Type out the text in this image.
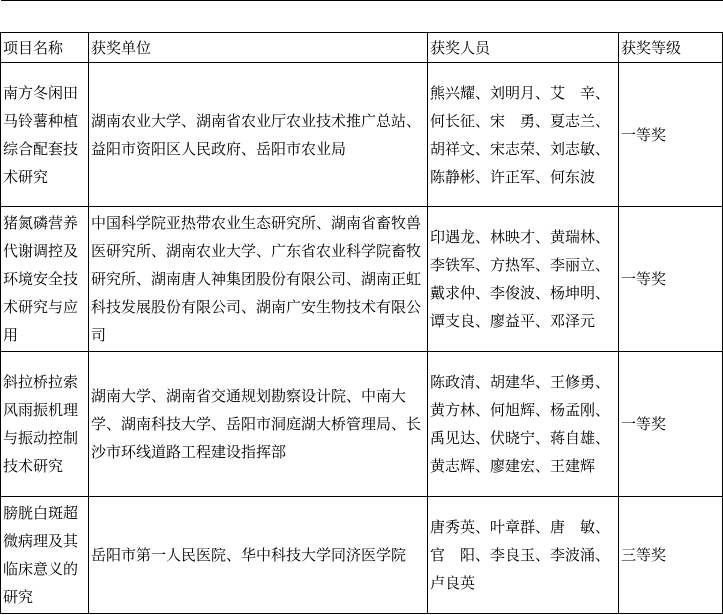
项目名称	获奖单位	获奖人员	获奖等级
南方冬闲田马铃薯种植综合配套技术研究	湖南农业大学、湖南省农业厅农业技术推广总站、益阳市资阳区人民政府、岳阳市农业局	熊兴耀、刘明月、艾　辛、何长征、宋　勇、夏志兰、胡祥文、宋志荣、刘志敏、陈静彬、许正军、何东波	一等奖
猪氮磷营养代谢调控及环境安全技术研究与应用	中国科学院亚热带农业生态研究所、湖南省畜牧兽医研究所、湖南农业大学、广东省农业科学院畜牧研究所、湖南唐人神集团股份有限公司、湖南正虹科技发展股份有限公司、湖南广安生物技术有限公司	印遇龙、林映才、黄瑞林、李铁军、方热军、李丽立、戴求仲、李俊波、杨坤明、谭支良、廖益平、邓泽元	一等奖
斜拉桥拉索风雨振机理与振动控制技术研究	湖南大学、湖南省交通规划勘察设计院、中南大学、湖南科技大学、岳阳市洞庭湖大桥管理局、长沙市环线道路工程建设指挥部	陈政清、胡建华、王修勇、黄方林、何旭辉、杨孟刚、禹见达、伏晓宁、蒋自雄、黄志辉、廖建宏、王建辉	一等奖
膀胱白斑超微病理及其临床意义的研究	岳阳市第一人民医院、华中科技大学同济医学院	唐秀英、叶章群、唐　敏、官　阳、李良玉、李波涌、卢良英	三等奖
